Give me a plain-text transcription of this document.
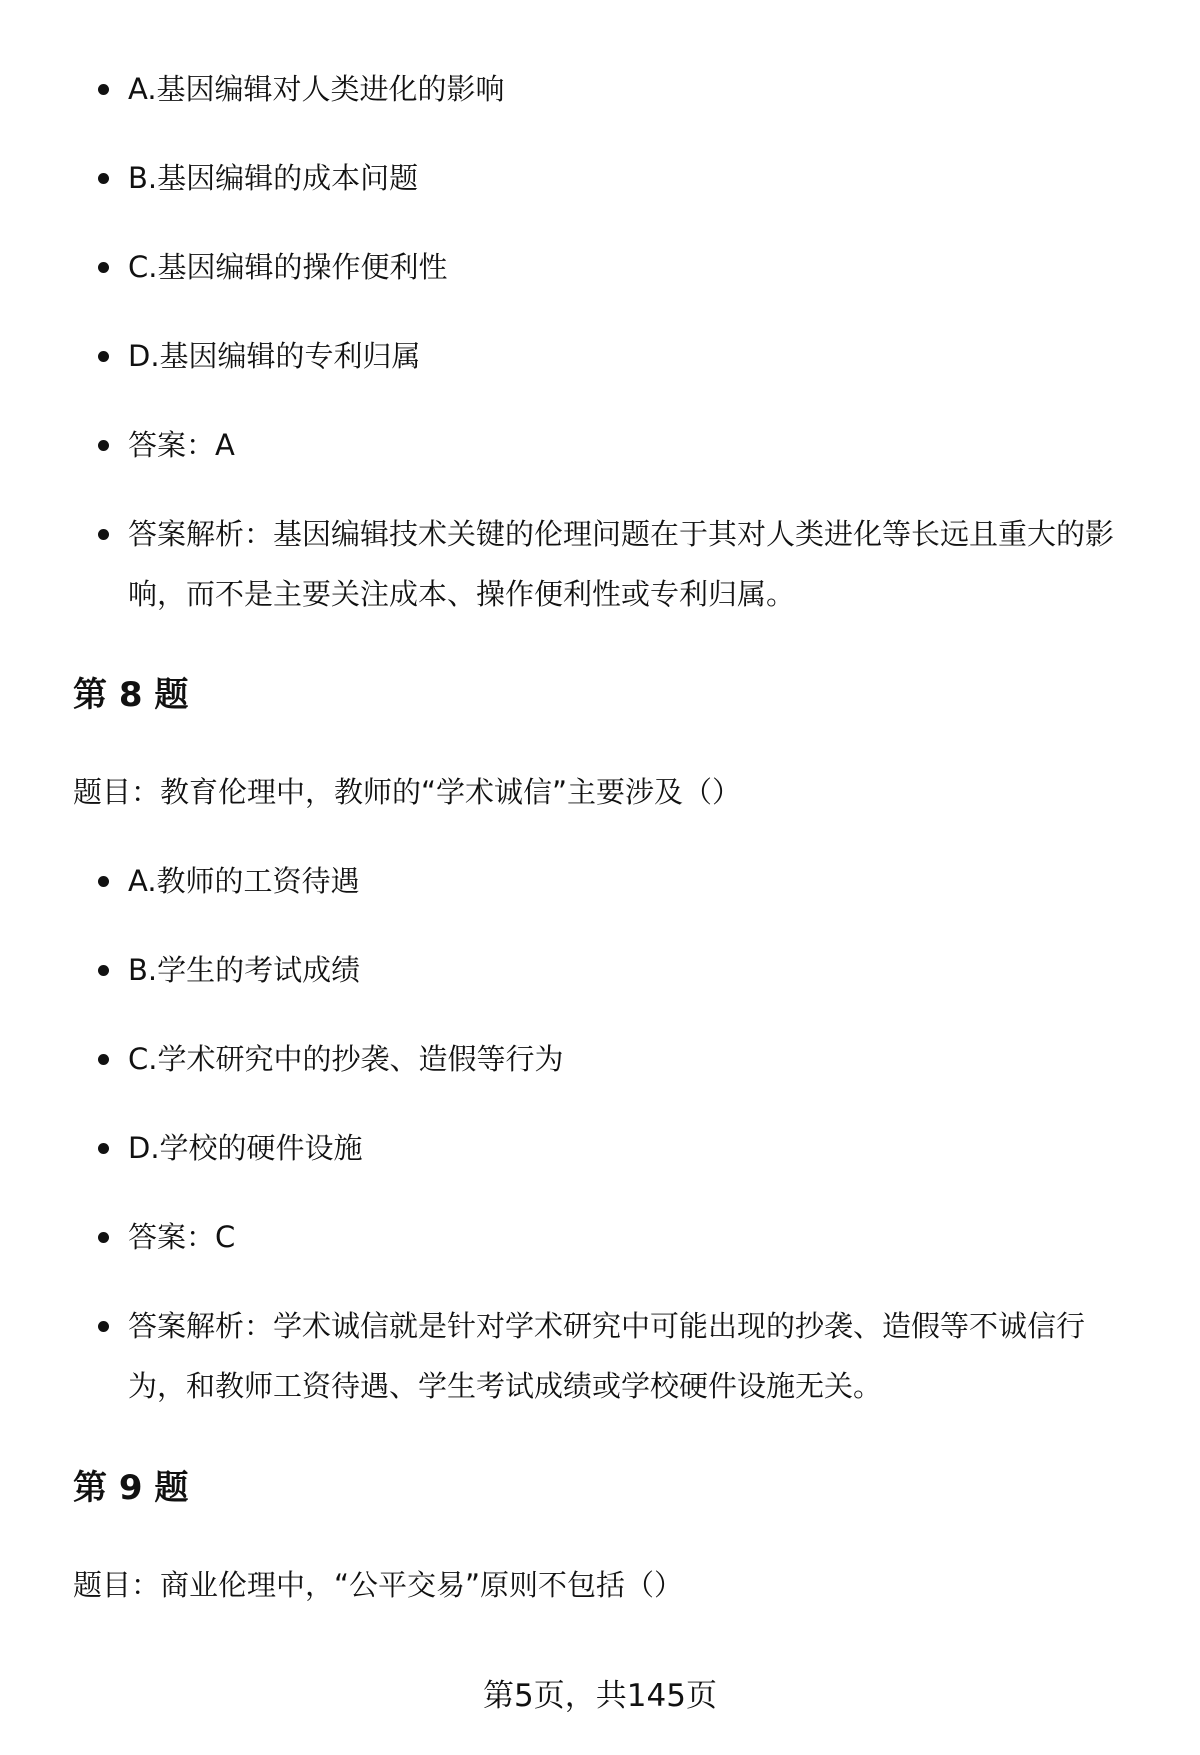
A.基因编辑对人类进化的影响
B.基因编辑的成本问题
C.基因编辑的操作便利性
D.基因编辑的专利归属
答案：A
答案解析：基因编辑技术关键的伦理问题在于其对人类进化等长远且重大的影响，而不是主要关注成本、操作便利性或专利归属。
第 8 题
题目：教育伦理中，教师的“学术诚信”主要涉及（）
A.教师的工资待遇
B.学生的考试成绩
C.学术研究中的抄袭、造假等行为
D.学校的硬件设施
答案：C
答案解析：学术诚信就是针对学术研究中可能出现的抄袭、造假等不诚信行为，和教师工资待遇、学生考试成绩或学校硬件设施无关。
第 9 题
题目：商业伦理中，“公平交易”原则不包括（）
第5页，共145页
